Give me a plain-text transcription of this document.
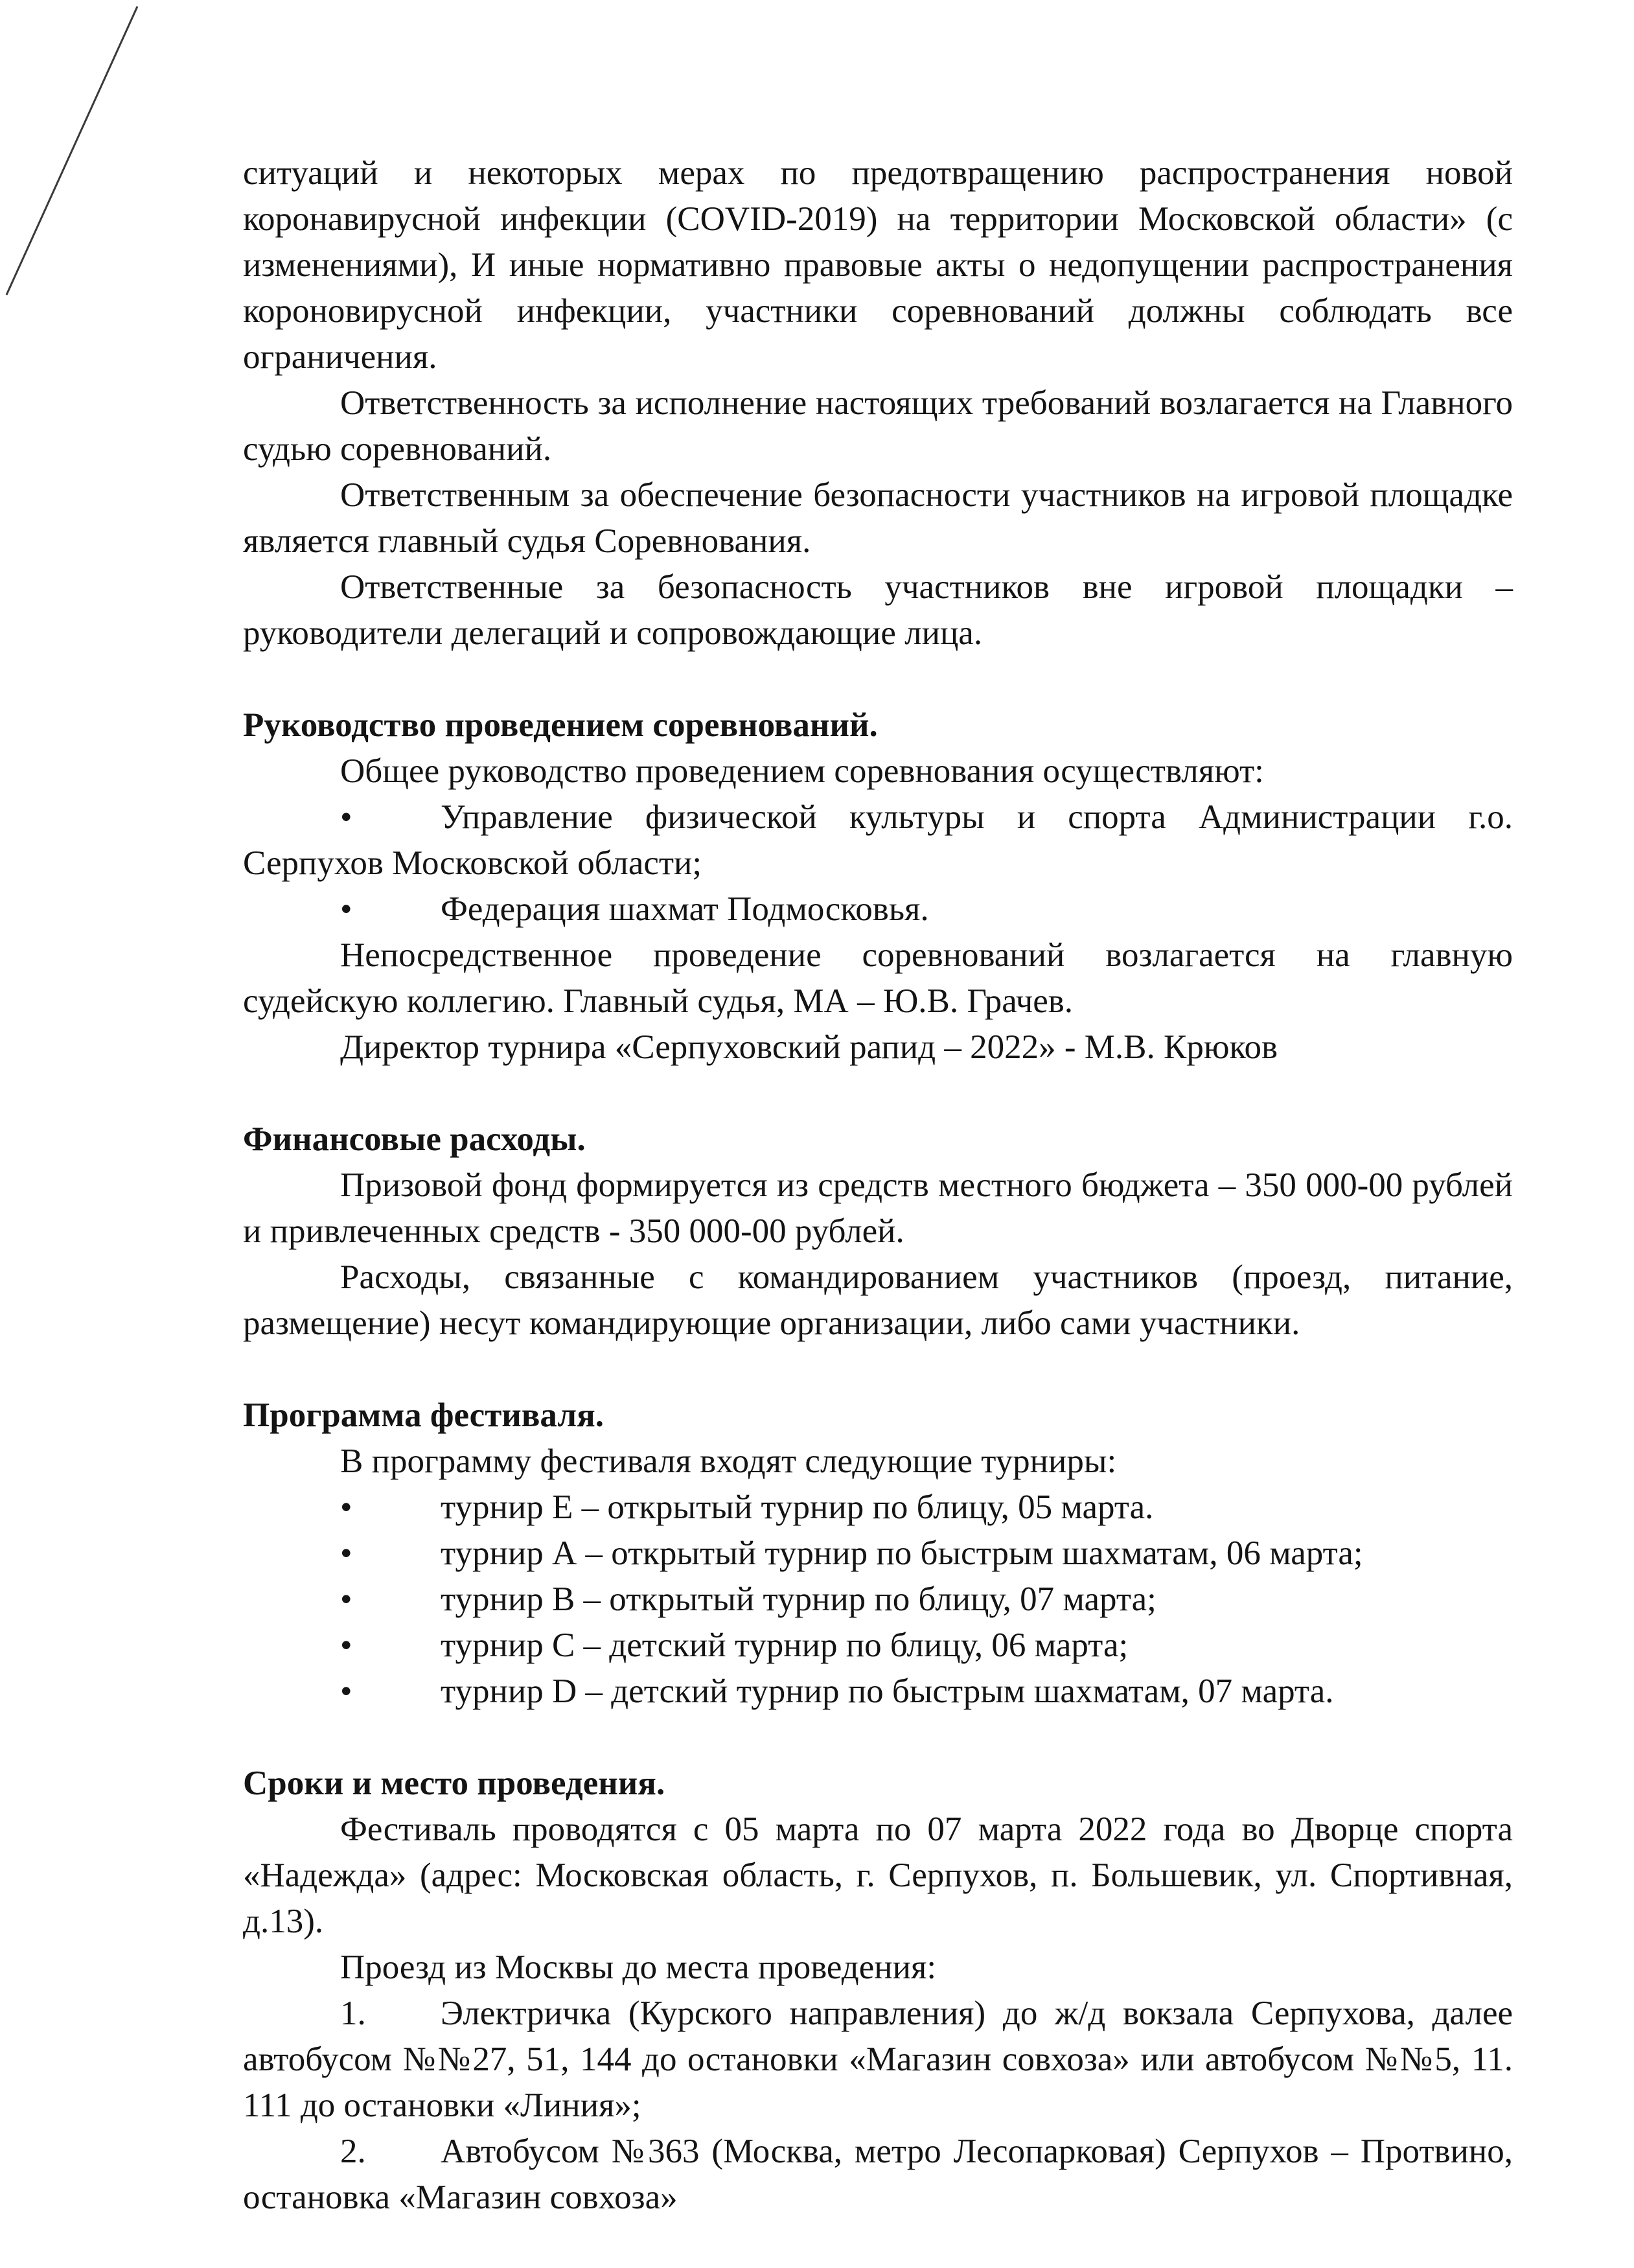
ситуаций и некоторых мерах по предотвращению распространения новой коронавирусной инфекции (COVID-2019) на территории Московской области» (с изменениями), И иные нормативно правовые акты о недопущении распространения короновирусной инфекции, участники соревнований должны соблюдать все ограничения.

Ответственность за исполнение настоящих требований возлагается на Главного судью соревнований.

Ответственным за обеспечение безопасности участников на игровой площадке является главный судья Соревнования.

Ответственные за безопасность участников вне игровой площадки – руководители делегаций и сопровождающие лица.

Руководство проведением соревнований.

Общее руководство проведением соревнования осуществляют:

•	Управление физической культуры и спорта Администрации г.о. Серпухов Московской области;

•	Федерация шахмат Подмосковья.

Непосредственное проведение соревнований возлагается на главную судейскую коллегию. Главный судья, МА – Ю.В. Грачев.

Директор турнира «Серпуховский рапид – 2022» - М.В. Крюков

Финансовые расходы.

Призовой фонд формируется из средств местного бюджета – 350 000-00 рублей и привлеченных средств - 350 000-00 рублей.

Расходы, связанные с командированием участников (проезд, питание, размещение) несут командирующие организации, либо сами участники.

Программа фестиваля.

В программу фестиваля входят следующие турниры:

•	турнир E – открытый турнир по блицу, 05 марта.

•	турнир А – открытый турнир по быстрым шахматам, 06 марта;

•	турнир В – открытый турнир по блицу, 07 марта;

•	турнир С – детский турнир по блицу, 06 марта;

•	турнир D – детский турнир по быстрым шахматам, 07 марта.

Сроки и место проведения.

Фестиваль проводятся с 05 марта по 07 марта 2022 года во Дворце спорта «Надежда» (адрес: Московская область, г. Серпухов, п. Большевик, ул. Спортивная, д.13).

Проезд из Москвы до места проведения:

1. Электричка (Курского направления) до ж/д вокзала Серпухова, далее автобусом №№27, 51, 144 до остановки «Магазин совхоза» или автобусом №№5, 11. 111 до остановки «Линия»;

2. Автобусом №363 (Москва, метро Лесопарковая) Серпухов – Протвино, остановка «Магазин совхоза»
